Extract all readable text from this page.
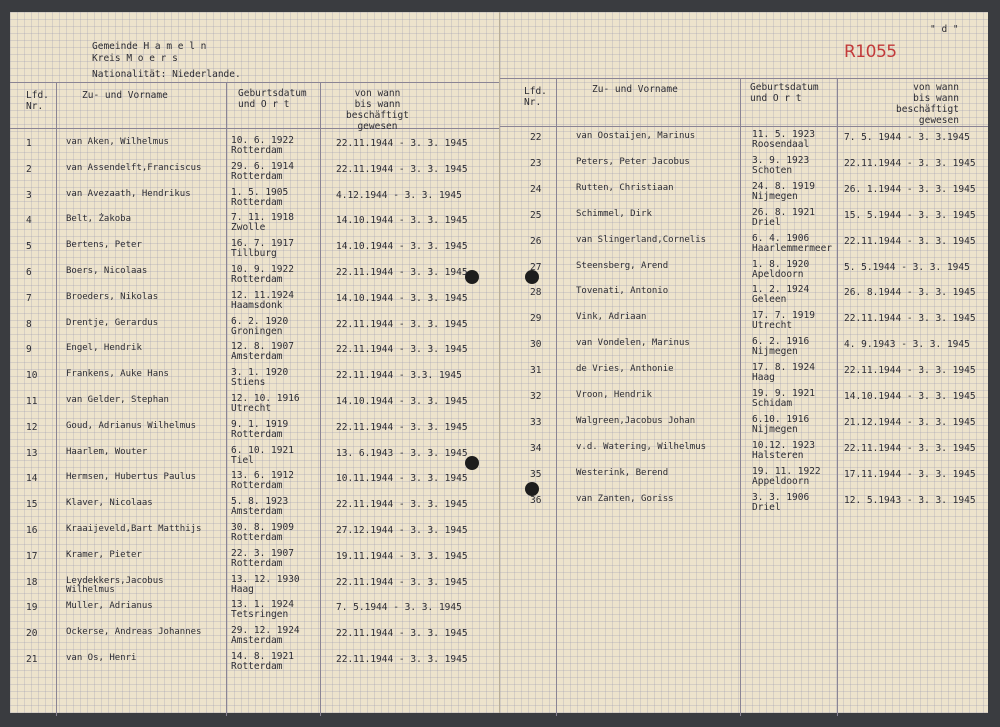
Gemeinde H a m e l n
Kreis M o e r s
Nationalität: Niederlande.
Lfd.
Nr.
Zu- und Vorname	Geburtsdatum
und O r t
von wann
bis wann
beschäftigt
gewesen
1	van Aken, Wilhelmus	10. 6. 1922
Rotterdam
22.11.1944 - 3. 3. 1945
2	van Assendelft,Franciscus	29. 6. 1914
Rotterdam
22.11.1944 - 3. 3. 1945
3	van Avezaath, Hendrikus	1. 5. 1905
Rotterdam
4.12.1944 - 3. 3. 1945
4	Belt, Żakoba	7. 11. 1918
Zwolle
14.10.1944 - 3. 3. 1945
5	Bertens, Peter	16. 7. 1917
Tillburg
14.10.1944 - 3. 3. 1945
6	Boers, Nicolaas	10. 9. 1922
Rotterdam
22.11.1944 - 3. 3. 1945
7	Broeders, Nikolas	12. 11.1924
Haamsdonk
14.10.1944 - 3. 3. 1945
8	Drentje, Gerardus	6. 2. 1920
Groningen
22.11.1944 - 3. 3. 1945
9	Engel, Hendrik	12. 8. 1907
Amsterdam
22.11.1944 - 3. 3. 1945
10	Frankens, Auke Hans	3. 1. 1920
Stiens
22.11.1944 - 3.3. 1945
11	van Gelder, Stephan	12. 10. 1916
Utrecht
14.10.1944 - 3. 3. 1945
12	Goud, Adrianus Wilhelmus	9. 1. 1919
Rotterdam
22.11.1944 - 3. 3. 1945
13	Haarlem, Wouter	6. 10. 1921
Tiel
13. 6.1943 - 3. 3. 1945
14	Hermsen, Hubertus Paulus	13. 6. 1912
Rotterdam
10.11.1944 - 3. 3. 1945
15	Klaver, Nicolaas	5. 8. 1923
Amsterdam
22.11.1944 - 3. 3. 1945
16	Kraaijeveld,Bart Matthijs	30. 8. 1909
Rotterdam
27.12.1944 - 3. 3. 1945
17	Kramer, Pieter	22. 3. 1907
Rotterdam
19.11.1944 - 3. 3. 1945
18	Leydekkers,Jacobus
Wilhelmus
13. 12. 1930
Haag
22.11.1944 - 3. 3. 1945
19	Muller, Adrianus	13. 1. 1924
Tetsringen
7. 5.1944 - 3. 3. 1945
20	Ockerse, Andreas Johannes	29. 12. 1924
Amsterdam
22.11.1944 - 3. 3. 1945
21	van Os, Henri	14. 8. 1921
Rotterdam
22.11.1944 - 3. 3. 1945
" d "
R1055
Lfd.
Nr.
Zu- und Vorname	Geburtsdatum
und O r t
von wann
bis wann
beschäftigt
gewesen
22	van Oostaijen, Marinus	11. 5. 1923
Roosendaal
7. 5. 1944 - 3. 3.1945
23	Peters, Peter Jacobus	3. 9. 1923
Schoten
22.11.1944 - 3. 3. 1945
24	Rutten, Christiaan	24. 8. 1919
Nijmegen
26. 1.1944 - 3. 3. 1945
25	Schimmel, Dirk	26. 8. 1921
Driel
15. 5.1944 - 3. 3. 1945
26	van Slingerland,Cornelis	6. 4. 1906
Haarlemmermeer
22.11.1944 - 3. 3. 1945
27	Steensberg, Arend	1. 8. 1920
Apeldoorn
5. 5.1944 - 3. 3. 1945
28	Tovenati, Antonio	1. 2. 1924
Geleen
26. 8.1944 - 3. 3. 1945
29	Vink, Adriaan	17. 7. 1919
Utrecht
22.11.1944 - 3. 3. 1945
30	van Vondelen, Marinus	6. 2. 1916
Nijmegen
4. 9.1943 - 3. 3. 1945
31	de Vries, Anthonie	17. 8. 1924
Haag
22.11.1944 - 3. 3. 1945
32	Vroon, Hendrik	19. 9. 1921
Schidam
14.10.1944 - 3. 3. 1945
33	Walgreen,Jacobus Johan	6.10. 1916
Nijmegen
21.12.1944 - 3. 3. 1945
34	v.d. Watering, Wilhelmus	10.12. 1923
Halsteren
22.11.1944 - 3. 3. 1945
35	Westerink, Berend	19. 11. 1922
Appeldoorn
17.11.1944 - 3. 3. 1945
36	van Zanten, Goriss	3. 3. 1906
Driel
12. 5.1943 - 3. 3. 1945
